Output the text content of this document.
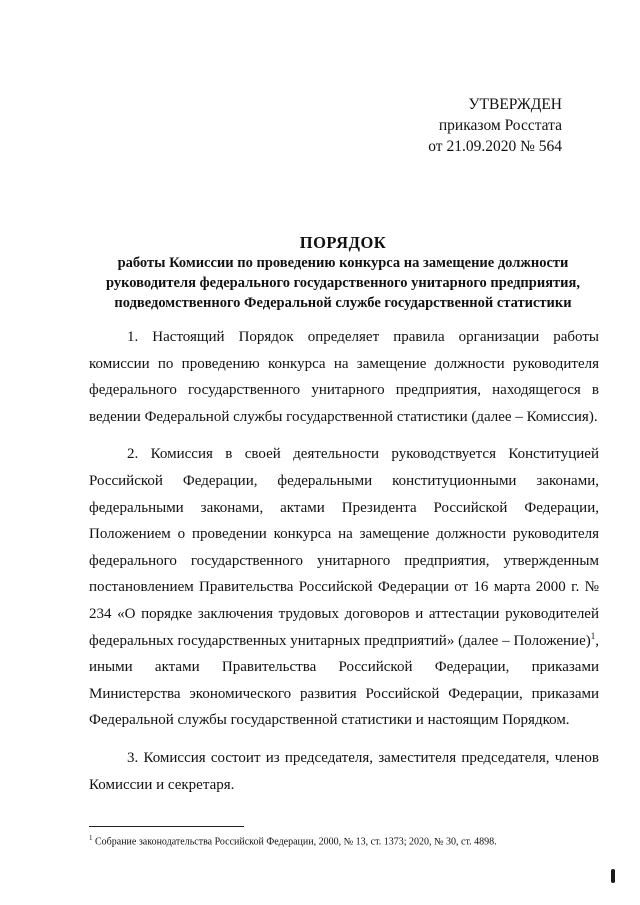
УТВЕРЖДЕН
приказом Росстата
от 21.09.2020 № 564
ПОРЯДОК
работы Комиссии по проведению конкурса на замещение должности
руководителя федерального государственного унитарного предприятия,
подведомственного Федеральной службе государственной статистики

1. Настоящий Порядок определяет правила организации работы комиссии по проведению конкурса на замещение должности руководителя федерального государственного унитарного предприятия, находящегося в ведении Федеральной службы государственной статистики (далее – Комиссия).

2. Комиссия в своей деятельности руководствуется Конституцией Российской Федерации, федеральными конституционными законами, федеральными законами, актами Президента Российской Федерации, Положением о проведении конкурса на замещение должности руководителя федерального государственного унитарного предприятия, утвержденным постановлением Правительства Российской Федерации от 16 марта 2000 г. № 234 «О порядке заключения трудовых договоров и аттестации руководителей федеральных государственных унитарных предприятий» (далее – Положение)$^1$, иными актами Правительства Российской Федерации, приказами Министерства экономического развития Российской Федерации, приказами Федеральной службы государственной статистики и настоящим Порядком.

3. Комиссия состоит из председателя, заместителя председателя, членов Комиссии и секретаря.

$^1$ Собрание законодательства Российской Федерации, 2000, № 13, ст. 1373; 2020, № 30, ст. 4898.
